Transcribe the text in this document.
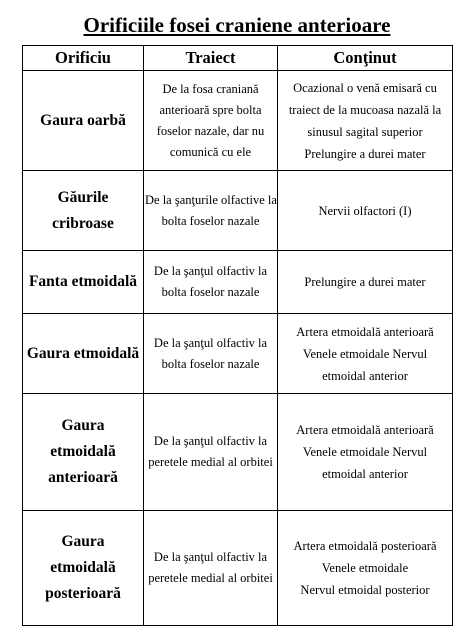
Orificiile fosei craniene anterioare
Orificiu	Traiect	Conţinut

Gaura oarbă	De la fosa craniană
anterioară spre bolta
foselor nazale, dar nu
comunică cu ele	Ocazional o venă emisară cu
traiect de la mucoasa nazală la
sinusul sagital superior
Prelungire a durei mater

Găurile
cribroase	De la şanţurile olfactive la
bolta foselor nazale	Nervii olfactori (I)

Fanta etmoidală	De la şanţul olfactiv la
bolta foselor nazale	Prelungire a durei mater

Gaura etmoidală	De la şanţul olfactiv la
bolta foselor nazale	Artera etmoidală anterioară
Venele etmoidale Nervul
etmoidal anterior

Gaura
etmoidală
anterioară	De la şanţul olfactiv la
peretele medial al orbitei	Artera etmoidală anterioară
Venele etmoidale Nervul
etmoidal anterior

Gaura
etmoidală
posterioară	De la şanţul olfactiv la
peretele medial al orbitei	Artera etmoidală posterioară
Venele etmoidale
Nervul etmoidal posterior
